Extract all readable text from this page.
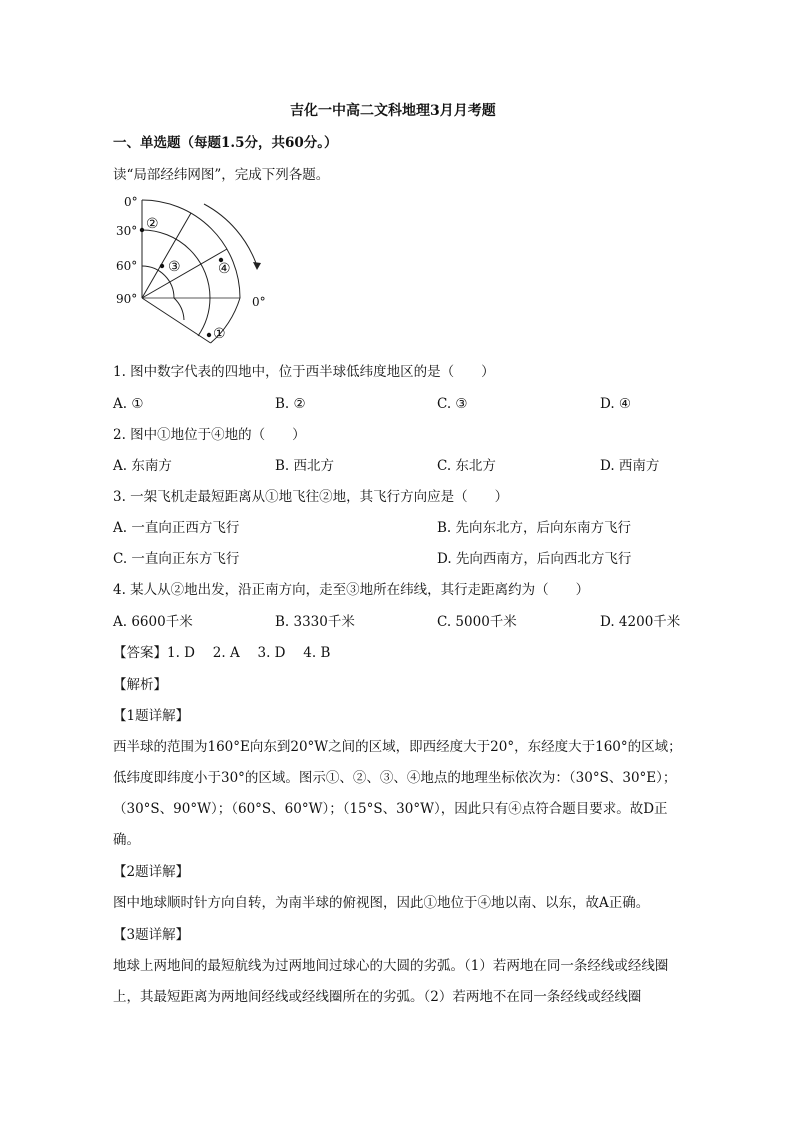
吉化一中高二文科地理3月月考题
一、单选题（每题1.5分，共60分。）
读“局部经纬网图”，完成下列各题。
0°
30°
60°
90°	0°
②
③	④
①
1. 图中数字代表的四地中，位于西半球低纬度地区的是（　　）
A. ①	B. ②	C. ③	D. ④
2. 图中①地位于④地的（　　）
A. 东南方	B. 西北方	C. 东北方	D. 西南方
3. 一架飞机走最短距离从①地飞往②地，其飞行方向应是（　　）
A. 一直向正西方飞行	B. 先向东北方，后向东南方飞行
C. 一直向正东方飞行	D. 先向西南方，后向西北方飞行
4. 某人从②地出发，沿正南方向，走至③地所在纬线，其行走距离约为（　　）
A. 6600千米	B. 3330千米	C. 5000千米	D. 4200千米
【答案】1. D　 2. A　 3. D　 4. B
【解析】
【1题详解】
西半球的范围为160°E向东到20°W之间的区域，即西经度大于20°，东经度大于160°的区域；低纬度即纬度小于30°的区域。图示①、②、③、④地点的地理坐标依次为：（30°S、30°E）；（30°S、90°W）；（60°S、60°W）；（15°S、30°W），因此只有④点符合题目要求。故D正确。
【2题详解】
图中地球顺时针方向自转，为南半球的俯视图，因此①地位于④地以南、以东，故A正确。
【3题详解】
地球上两地间的最短航线为过两地间过球心的大圆的劣弧。（1）若两地在同一条经线或经线圈上，其最短距离为两地间经线或经线圈所在的劣弧。（2）若两地不在同一条经线或经线圈
